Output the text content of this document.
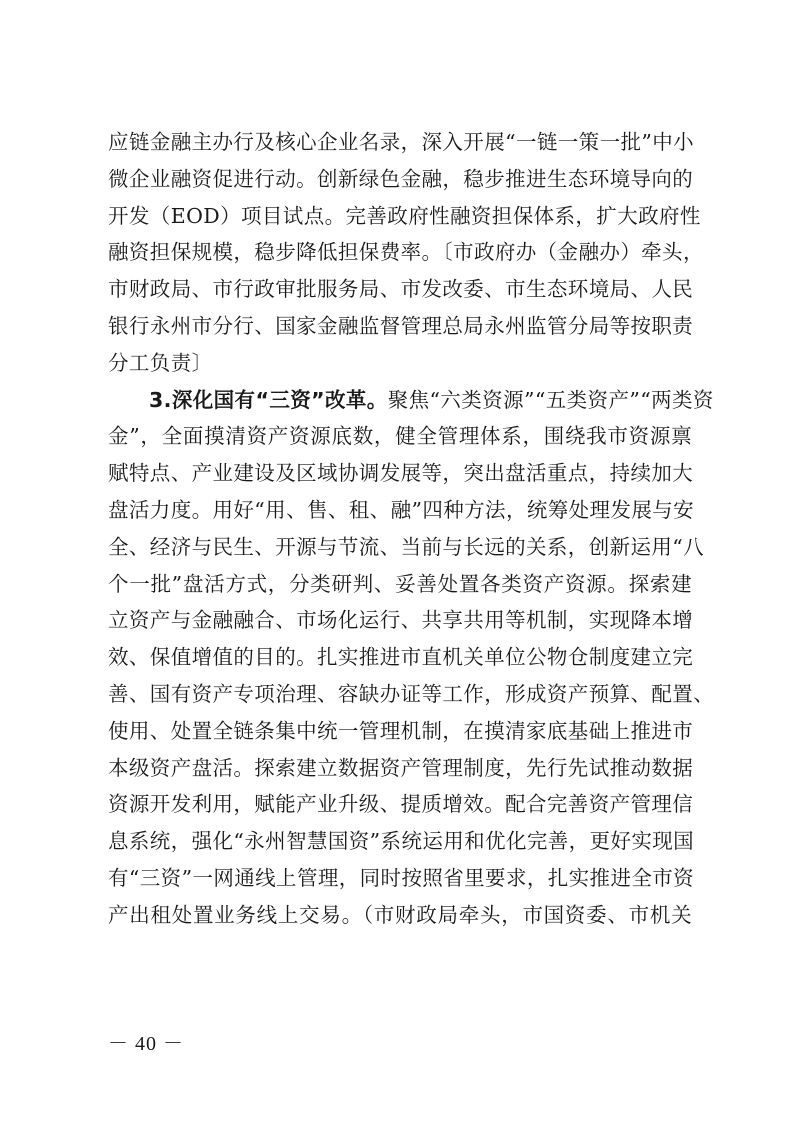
应链金融主办行及核心企业名录，深入开展“一链一策一批”中小
微企业融资促进行动。创新绿色金融，稳步推进生态环境导向的
开发（EOD）项目试点。完善政府性融资担保体系，扩大政府性
融资担保规模，稳步降低担保费率。〔市政府办（金融办）牵头，
市财政局、市行政审批服务局、市发改委、市生态环境局、人民
银行永州市分行、国家金融监督管理总局永州监管分局等按职责
分工负责〕
3.深化国有“三资”改革。聚焦“六类资源”“五类资产”“两类资
金”，全面摸清资产资源底数，健全管理体系，围绕我市资源禀
赋特点、产业建设及区域协调发展等，突出盘活重点，持续加大
盘活力度。用好“用、售、租、融”四种方法，统筹处理发展与安
全、经济与民生、开源与节流、当前与长远的关系，创新运用“八
个一批”盘活方式，分类研判、妥善处置各类资产资源。探索建
立资产与金融融合、市场化运行、共享共用等机制，实现降本增
效、保值增值的目的。扎实推进市直机关单位公物仓制度建立完
善、国有资产专项治理、容缺办证等工作，形成资产预算、配置、
使用、处置全链条集中统一管理机制，在摸清家底基础上推进市
本级资产盘活。探索建立数据资产管理制度，先行先试推动数据
资源开发利用，赋能产业升级、提质增效。配合完善资产管理信
息系统，强化“永州智慧国资”系统运用和优化完善，更好实现国
有“三资”一网通线上管理，同时按照省里要求，扎实推进全市资
产出租处置业务线上交易。（市财政局牵头，市国资委、市机关
－ 40 －
